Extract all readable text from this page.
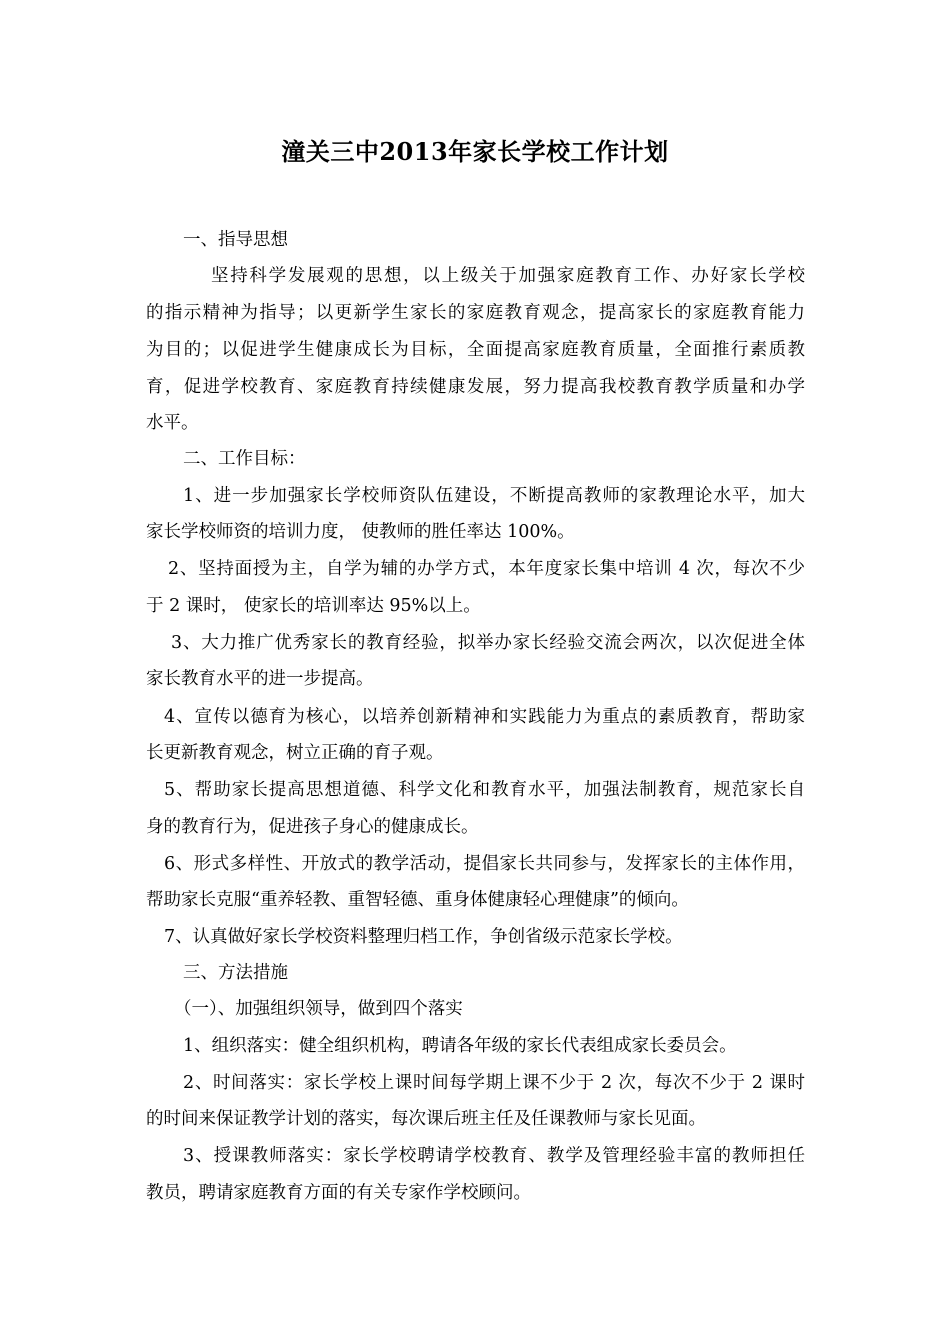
潼关三中2013年家长学校工作计划
一、指导思想
坚持科学发展观的思想，以上级关于加强家庭教育工作、办好家长学校
的指示精神为指导；以更新学生家长的家庭教育观念，提高家长的家庭教育能力
为目的；以促进学生健康成长为目标，全面提高家庭教育质量，全面推行素质教
育，促进学校教育、家庭教育持续健康发展，努力提高我校教育教学质量和办学
水平。
二、工作目标：
1、进一步加强家长学校师资队伍建设，不断提高教师的家教理论水平，加大
家长学校师资的培训力度， 使教师的胜任率达 100%。
2、坚持面授为主，自学为辅的办学方式，本年度家长集中培训 4 次，每次不少
于 2 课时， 使家长的培训率达 95%以上。
3、大力推广优秀家长的教育经验，拟举办家长经验交流会两次，以次促进全体
家长教育水平的进一步提高。
4、宣传以德育为核心，以培养创新精神和实践能力为重点的素质教育，帮助家
长更新教育观念，树立正确的育子观。
5、帮助家长提高思想道德、科学文化和教育水平，加强法制教育，规范家长自
身的教育行为，促进孩子身心的健康成长。
6、形式多样性、开放式的教学活动，提倡家长共同参与，发挥家长的主体作用，
帮助家长克服“重养轻教、重智轻德、重身体健康轻心理健康”的倾向。
7、认真做好家长学校资料整理归档工作，争创省级示范家长学校。
三、方法措施
（一）、加强组织领导，做到四个落实
1、组织落实：健全组织机构，聘请各年级的家长代表组成家长委员会。
2、时间落实：家长学校上课时间每学期上课不少于 2 次，每次不少于 2 课时
的时间来保证教学计划的落实，每次课后班主任及任课教师与家长见面。
3、授课教师落实：家长学校聘请学校教育、教学及管理经验丰富的教师担任
教员，聘请家庭教育方面的有关专家作学校顾问。
